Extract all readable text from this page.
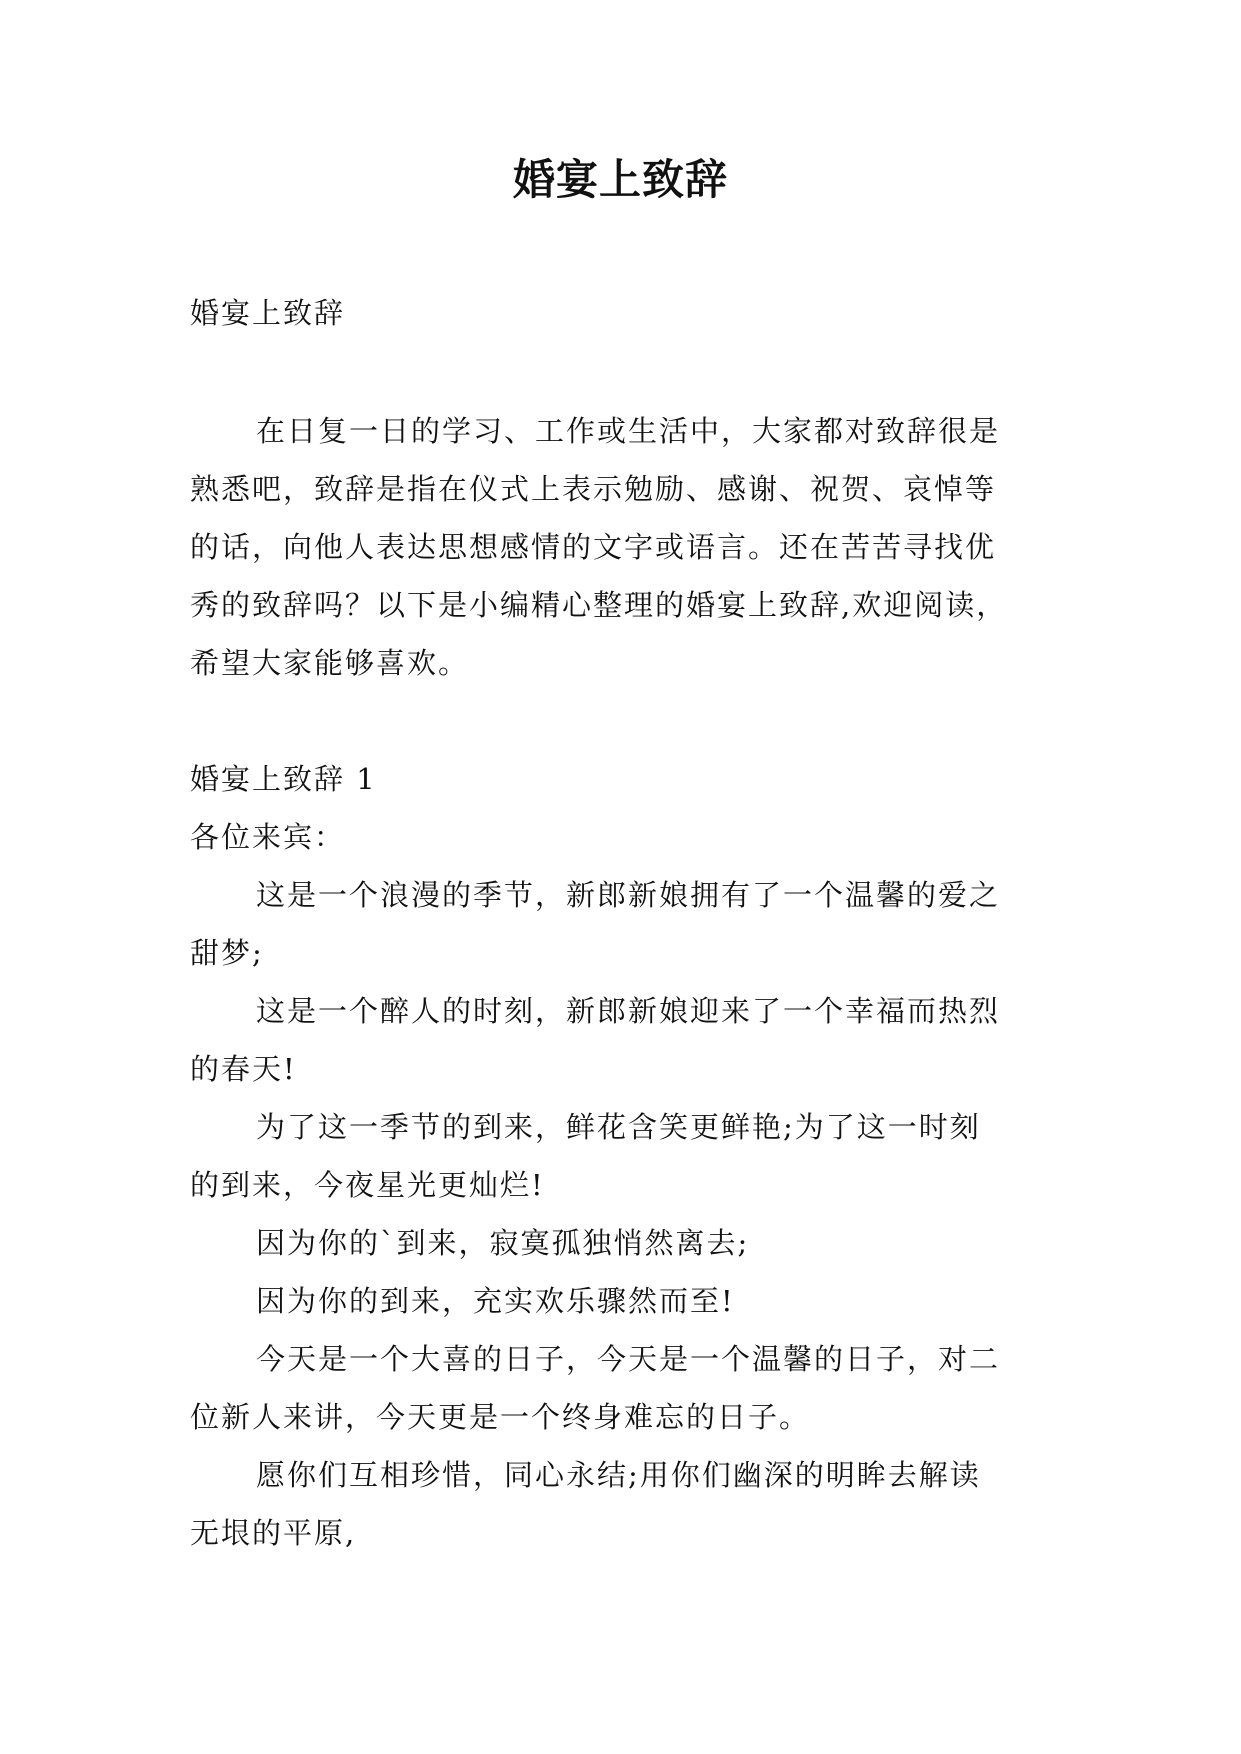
婚宴上致辞
婚宴上致辞
在日复一日的学习、工作或生活中，大家都对致辞很是
熟悉吧，致辞是指在仪式上表示勉励、感谢、祝贺、哀悼等
的话，向他人表达思想感情的文字或语言。还在苦苦寻找优
秀的致辞吗？以下是小编精心整理的婚宴上致辞,欢迎阅读，
希望大家能够喜欢。
婚宴上致辞 1
各位来宾：
这是一个浪漫的季节，新郎新娘拥有了一个温馨的爱之
甜梦;
这是一个醉人的时刻，新郎新娘迎来了一个幸福而热烈
的春天!
为了这一季节的到来，鲜花含笑更鲜艳;为了这一时刻
的到来，今夜星光更灿烂!
因为你的`到来，寂寞孤独悄然离去;
因为你的到来，充实欢乐骤然而至!
今天是一个大喜的日子，今天是一个温馨的日子，对二
位新人来讲，今天更是一个终身难忘的日子。
愿你们互相珍惜，同心永结;用你们幽深的明眸去解读
无垠的平原,
